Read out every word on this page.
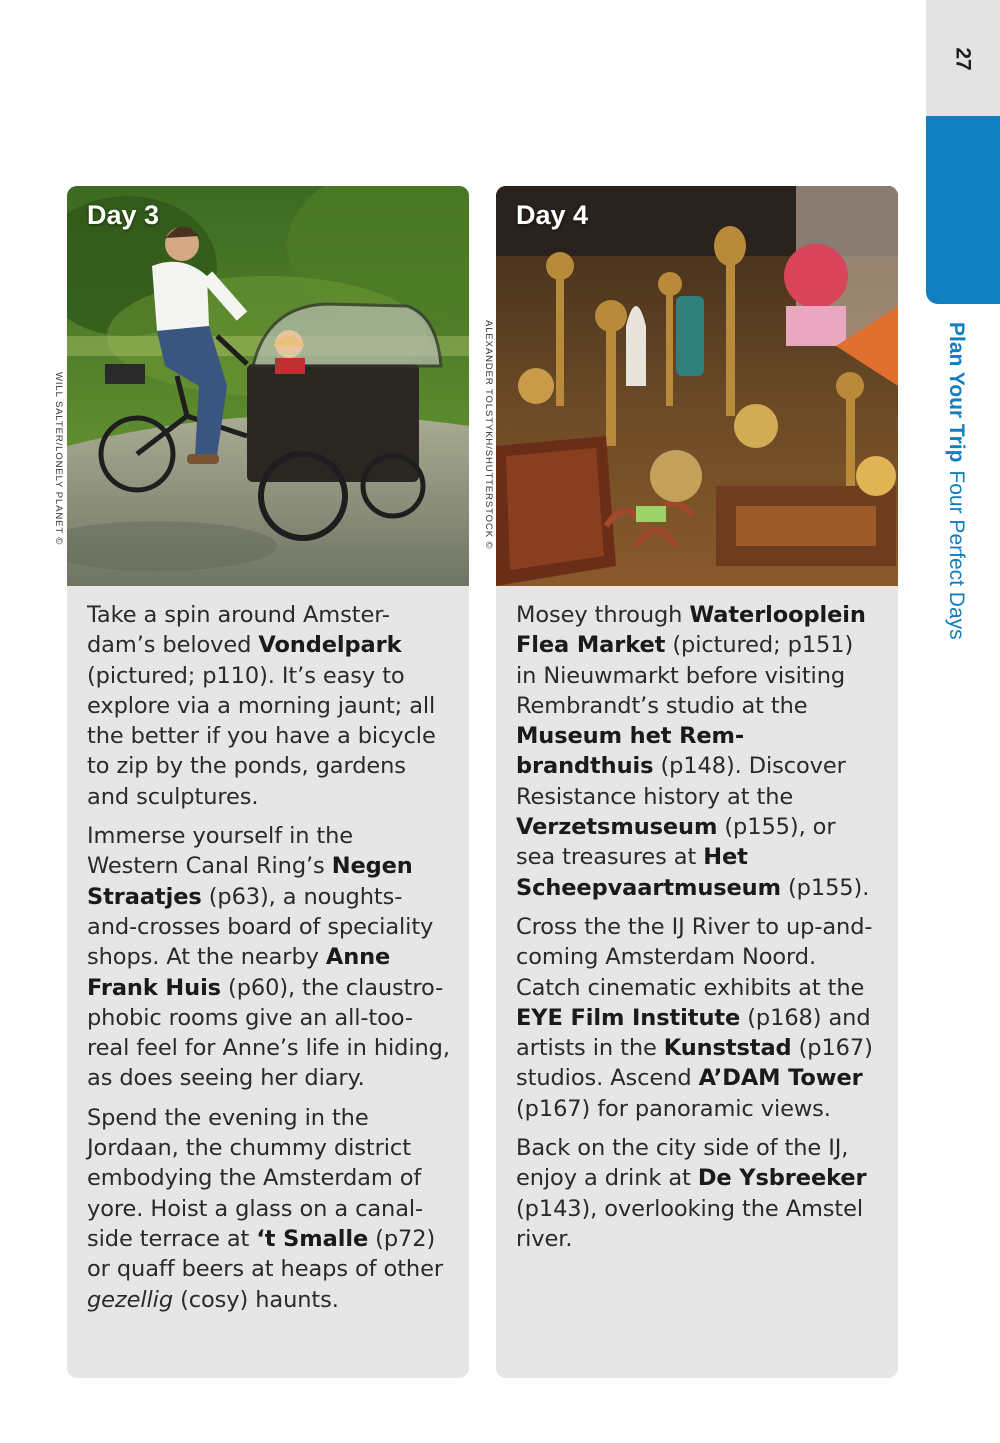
27
Plan Your TripFour Perfect Days
WILL SALTER/LONELY PLANET ©	ALEXANDER TOLSTYKH/SHUTTERSTOCK ©
Day 3

Take a spin around Amster-dam’s beloved Vondelpark (pictured; p110). It’s easy to explore via a morning jaunt; all the better if you have a bicycle to zip by the ponds, gardens and sculptures.

Immerse yourself in the Western Canal Ring’s Negen Straatjes (p63), a noughts-and-crosses board of speciality shops. At the nearby Anne Frank Huis (p60), the claustro-phobic rooms give an all-too-real feel for Anne’s life in hiding, as does seeing her diary.

Spend the evening in the Jordaan, the chummy district embodying the Amsterdam of yore. Hoist a glass on a canal-side terrace at ‘t Smalle (p72) or quaff beers at heaps of other gezellig (cosy) haunts.

Day 4

Mosey through Waterlooplein Flea Market (pictured; p151) in Nieuwmarkt before visiting Rembrandt’s studio at the Museum het Rem-brandthuis (p148). Discover Resistance history at the Verzetsmuseum (p155), or sea treasures at Het Scheepvaartmuseum (p155).

Cross the the IJ River to up-and-coming Amsterdam Noord. Catch cinematic exhibits at the EYE Film Institute (p168) and artists in the Kunststad (p167) studios. Ascend A’DAM Tower (p167) for panoramic views.

Back on the city side of the IJ, enjoy a drink at De Ysbreeker (p143), overlooking the Amstel river.
